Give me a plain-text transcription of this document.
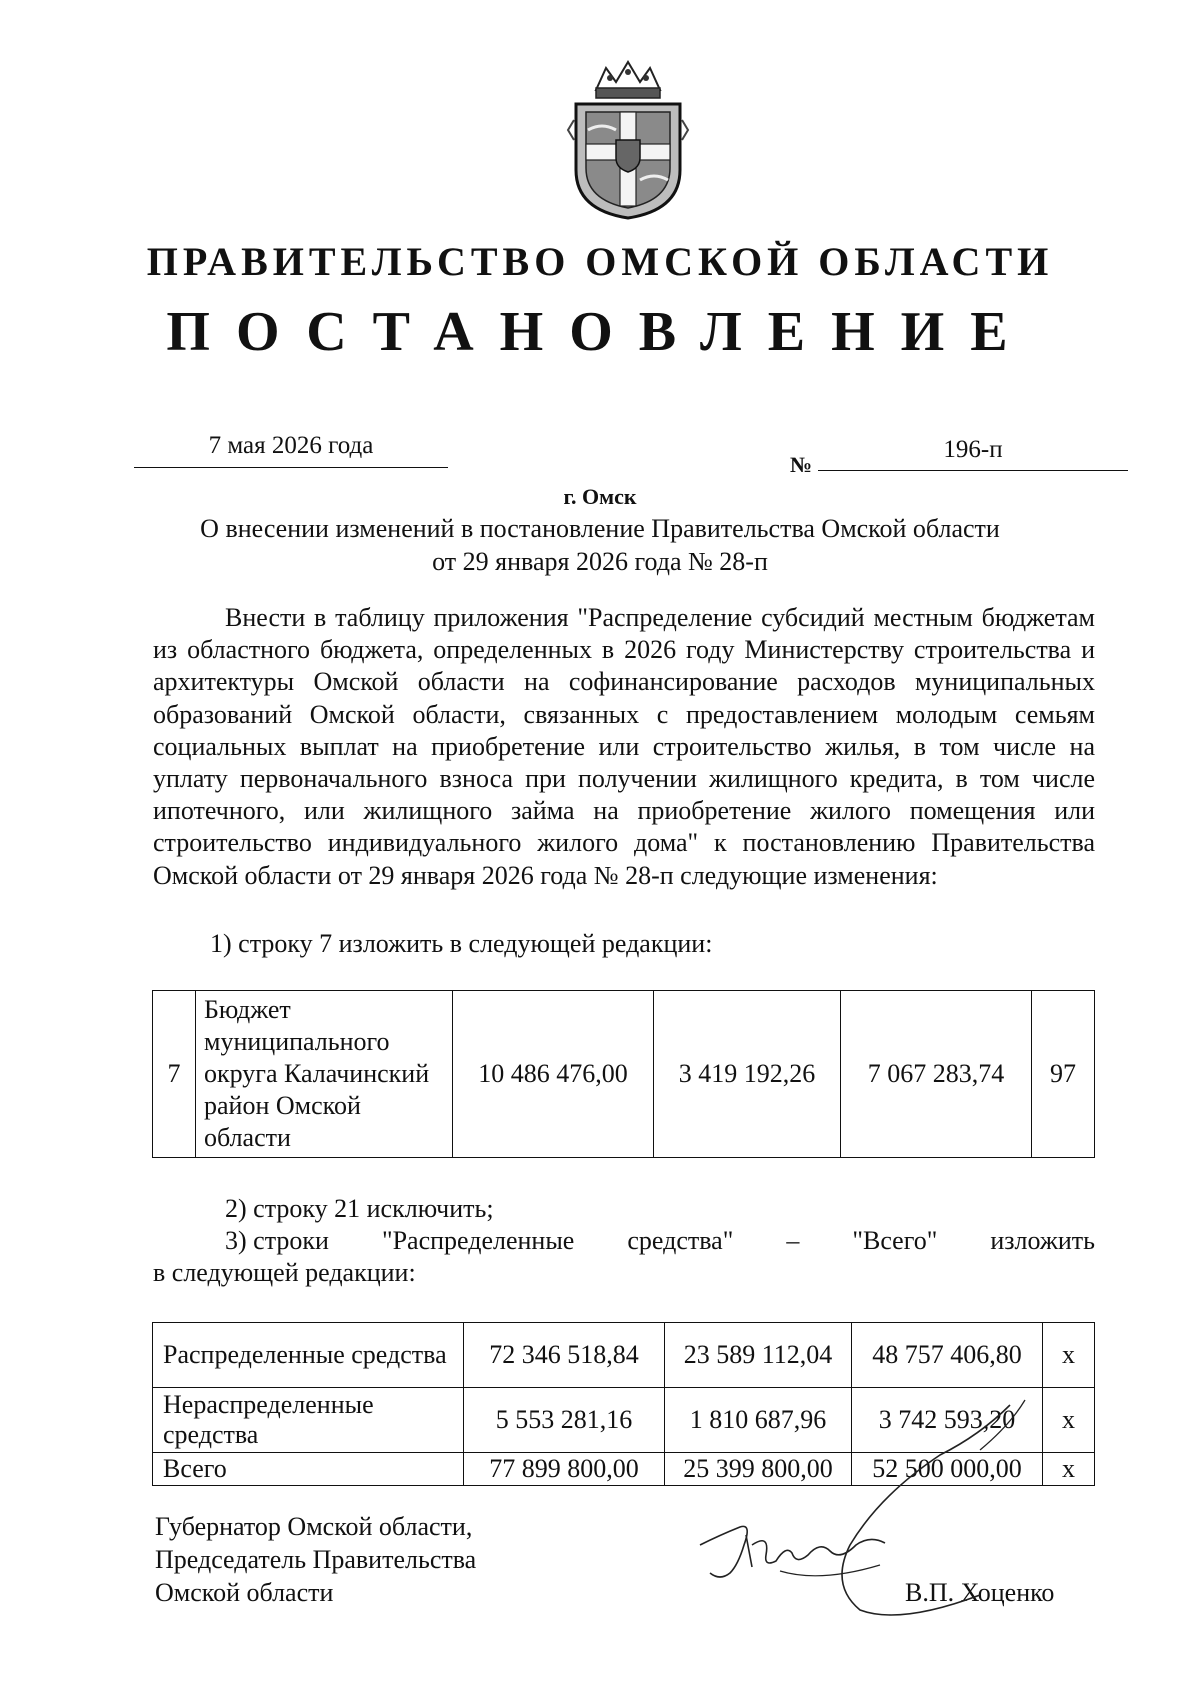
ПРАВИТЕЛЬСТВО ОМСКОЙ ОБЛАСТИ
ПОСТАНОВЛЕНИЕ
7 мая 2026 года
№
196-п
г. Омск
О внесении изменений в постановление Правительства Омской области
от 29 января 2026 года № 28-п
Внести в таблицу приложения "Распределение субсидий местным бюджетам из областного бюджета, определенных в 2026 году Министерству строительства и архитектуры Омской области на софинансирование расходов муниципальных образований Омской области, связанных с предоставлением молодым семьям социальных выплат на приобретение или строительство жилья, в том числе на уплату первоначального взноса при получении жилищного кредита, в том числе ипотечного, или жилищного займа на приобретение жилого помещения или строительство индивидуального жилого дома" к постановлению Правительства Омской области от 29 января 2026 года № 28-п следующие изменения:
1) строку 7 изложить в следующей редакции:
7	Бюджет муниципального округа Калачинский район Омской области	10 486 476,00	3 419 192,26	7 067 283,74	97
2) строку 21 исключить;
3) строки "Распределенные средства" – "Всего" изложить
в следующей редакции:
Распределенные средства	72 346 518,84	23 589 112,04	48 757 406,80	х
Нераспределенные средства	5 553 281,16	1 810 687,96	3 742 593,20	х
Всего	77 899 800,00	25 399 800,00	52 500 000,00	х
Губернатор Омской области,
Председатель Правительства
Омской области	В.П. Хоценко
